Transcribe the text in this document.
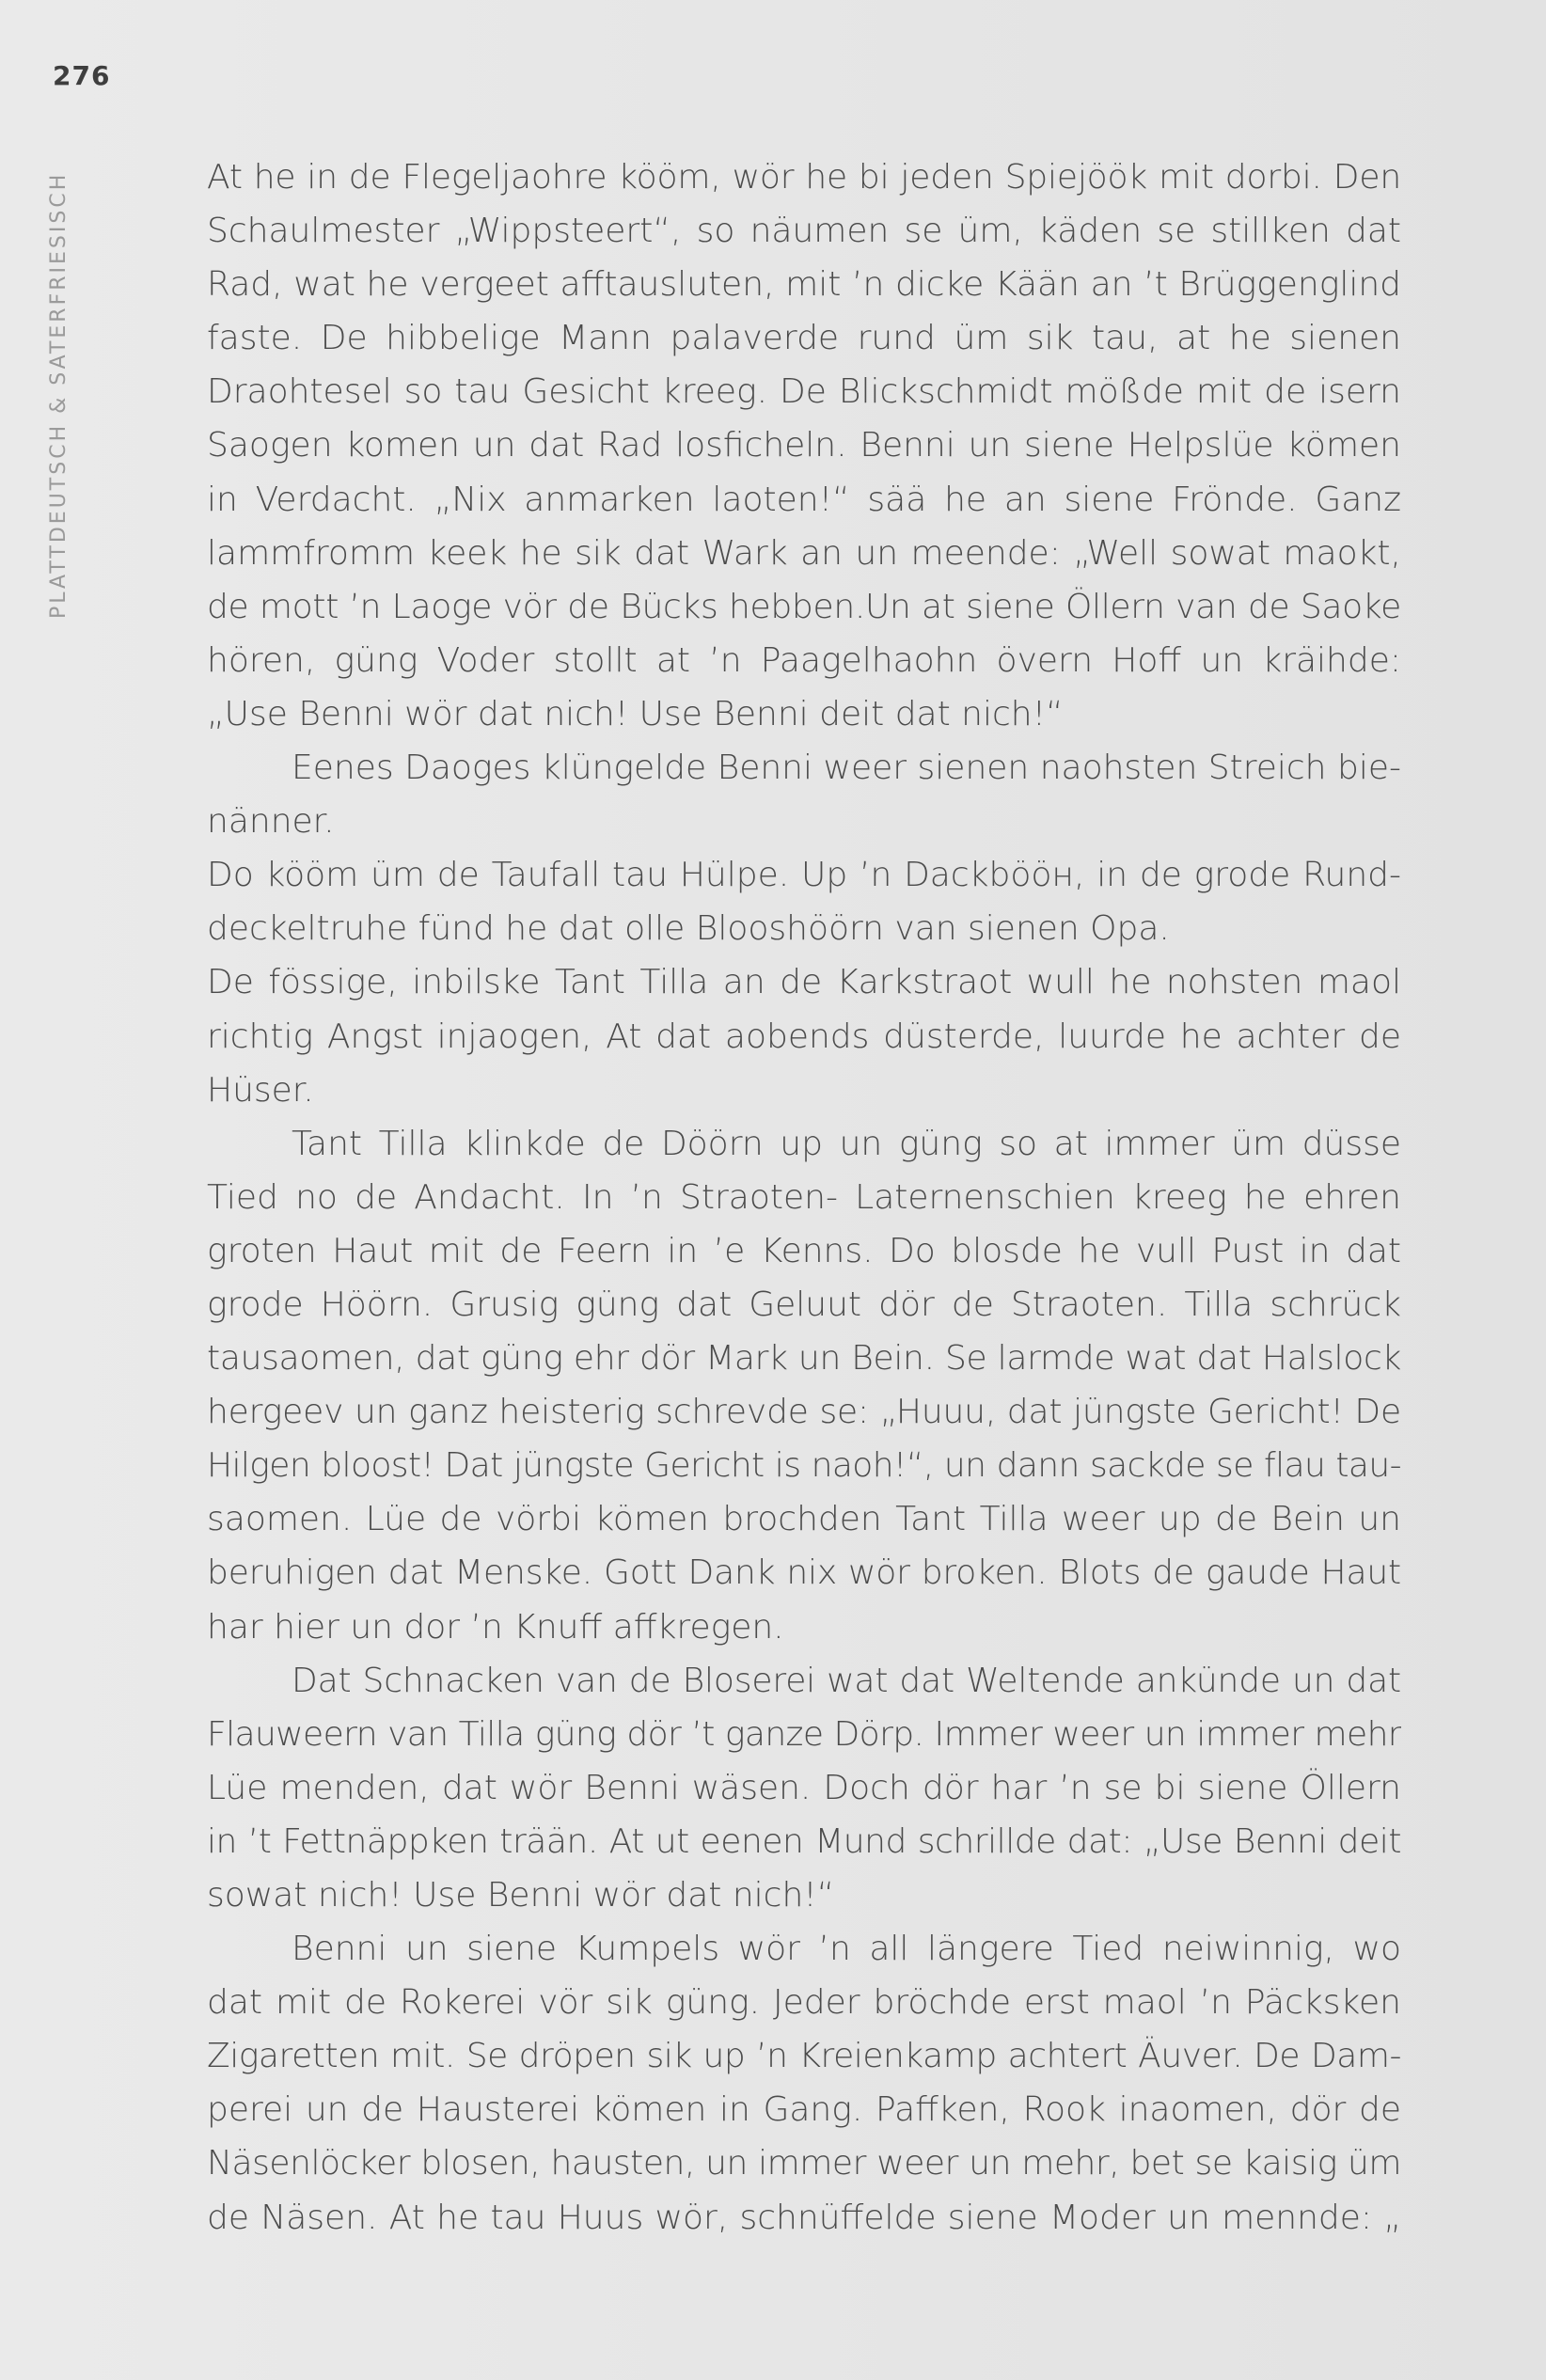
276
PLATTDEUTSCH & SATERFRIESISCH	At he in de Flegeljaohre kööm, wör he bi jeden Spiejöök mit dorbi. Den
Schaulmester „Wippsteert“, so näumen se üm, käden se stillken dat
Rad, wat he vergeet afftausluten, mit ’n dicke Kään an ’t Brüggenglind
faste. De hibbelige Mann palaverde rund üm sik tau, at he sienen
Draohtesel so tau Gesicht kreeg. De Blickschmidt mößde mit de isern
Saogen komen un dat Rad losficheln. Benni un siene Helpslüe kömen
in Verdacht. „Nix anmarken laoten!“ sää he an siene Frönde. Ganz
lammfromm keek he sik dat Wark an un meende: „Well sowat maokt,
de mott ’n Laoge vör de Bücks hebben.Un at siene Öllern van de Saoke
hören, güng Voder stollt at ’n Paagelhaohn övern Hoff un kräihde:
„Use Benni wör dat nich! Use Benni deit dat nich!“
Eenes Daoges klüngelde Benni weer sienen naohsten Streich bie-
nänner.
Do kööm üm de Taufall tau Hülpe. Up ’n Dackbööн, in de grode Rund-
deckeltruhe fünd he dat olle Blooshöörn van sienen Opa.
De fössige, inbilske Tant Tilla an de Karkstraot wull he nohsten maol
richtig Angst injaogen, At dat aobends düsterde, luurde he achter de
Hüser.
Tant Tilla klinkde de Döörn up un güng so at immer üm düsse
Tied no de Andacht. In ’n Straoten- Laternenschien kreeg he ehren
groten Haut mit de Feern in ’e Kenns. Do blosde he vull Pust in dat
grode Höörn. Grusig güng dat Geluut dör de Straoten. Tilla schrück
tausaomen, dat güng ehr dör Mark un Bein. Se larmde wat dat Halslock
hergeev un ganz heisterig schrevde se: „Huuu, dat jüngste Gericht! De
Hilgen bloost! Dat jüngste Gericht is naoh!“, un dann sackde se flau tau-
saomen. Lüe de vörbi kömen brochden Tant Tilla weer up de Bein un
beruhigen dat Menske. Gott Dank nix wör broken. Blots de gaude Haut
har hier un dor ’n Knuff affkregen.
Dat Schnacken van de Bloserei wat dat Weltende ankünde un dat
Flauweern van Tilla güng dör ’t ganze Dörp. Immer weer un immer mehr
Lüe menden, dat wör Benni wäsen. Doch dör har ’n se bi siene Öllern
in ’t Fettnäppken trään. At ut eenen Mund schrillde dat: „Use Benni deit
sowat nich! Use Benni wör dat nich!“
Benni un siene Kumpels wör ’n all längere Tied neiwinnig, wo
dat mit de Rokerei vör sik güng. Jeder bröchde erst maol ’n Päcksken
Zigaretten mit. Se dröpen sik up ’n Kreienkamp achtert Äuver. De Dam-
perei un de Hausterei kömen in Gang. Paffken, Rook inaomen, dör de
Näsenlöcker blosen, hausten, un immer weer un mehr, bet se kaisig üm
de Näsen. At he tau Huus wör, schnüffelde siene Moder un mennde: „
